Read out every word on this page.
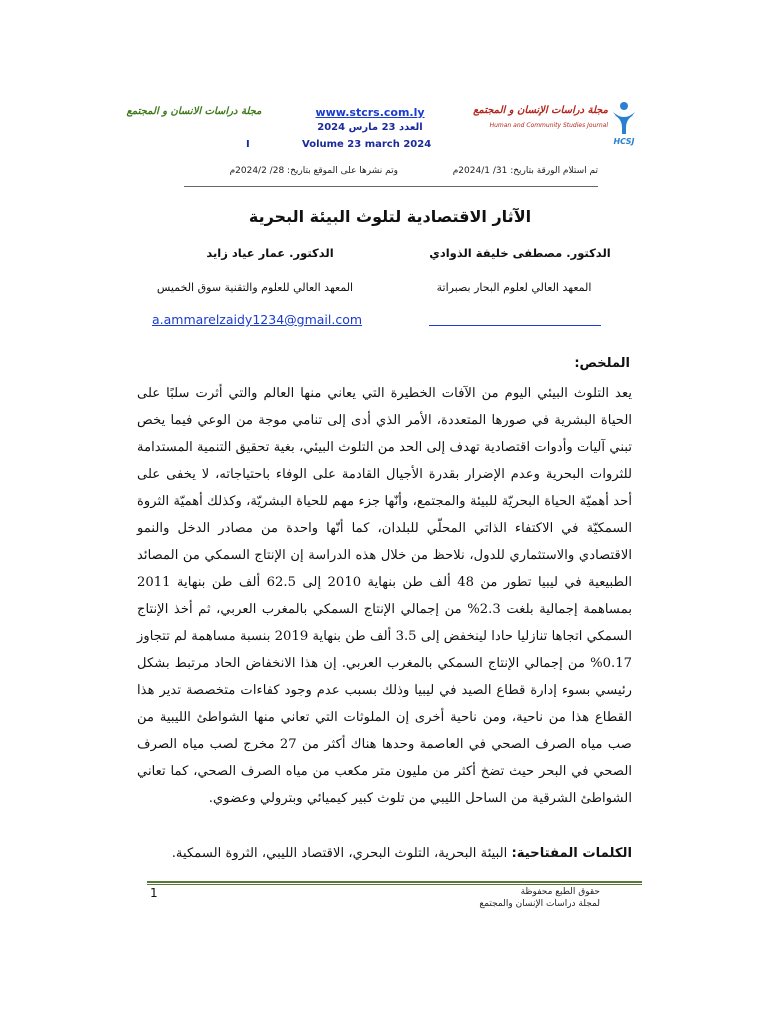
مجلة دراسات الانسان و المجتمع	www.stcrs.com.ly
العدد 23 مارس 2024
I	Volume 23 march 2024
مجلة دراسات الإنسان و المجتمع
Human and Community Studies Journal
HCSJ
تم استلام الورقة بتاريخ: 31/ 2024/1م
وتم نشرها على الموقع بتاريخ: 28/ 2024/2م
الآثار الاقتصادية لتلوث البيئة البحرية
الدكتور. مصطفى خليفة الذوادي
الدكتور. عمار عياد زايد
المعهد العالي لعلوم البحار بصبراتة
المعهد العالي للعلوم والتقنية سوق الخميس
a.ammarelzaidy1234@gmail.com
الملخص:
يعد التلوث البيئي اليوم من الآفات الخطيرة التي يعاني منها العالم والتي أثرت سلبًا على الحياة البشرية في صورها المتعددة، الأمر الذي أدى إلى تنامي موجة من الوعي فيما يخص تبني آليات وأدوات اقتصادية تهدف إلى الحد من التلوث البيئي، بغية تحقيق التنمية المستدامة للثروات البحرية وعدم الإضرار بقدرة الأجيال القادمة على الوفاء باحتياجاته، لا يخفى على أحد أهميّة الحياة البحريّة للبيئة والمجتمع، وأنّها جزء مهم للحياة البشريّة، وكذلك أهميّة الثروة السمكيّة في الاكتفاء الذاتي المحلّي للبلدان، كما أنّها واحدة من مصادر الدخل والنمو الاقتصادي والاستثماري للدول، نلاحظ من خلال هذه الدراسة إن الإنتاج السمكي من المصائد الطبيعية في ليبيا تطور من 48 ألف طن بنهاية 2010 إلى 62.5 ألف طن بنهاية 2011 بمساهمة إجمالية بلغت 2.3% من إجمالي الإنتاج السمكي بالمغرب العربي، ثم أخذ الإنتاج السمكي اتجاها تنازليا حادا لينخفض إلى 3.5 ألف طن بنهاية 2019 بنسبة مساهمة لم تتجاوز 0.17% من إجمالي الإنتاج السمكي بالمغرب العربي. إن هذا الانخفاض الحاد مرتبط بشكل رئيسي بسوء إدارة قطاع الصيد في ليبيا وذلك بسبب عدم وجود كفاءات متخصصة تدير هذا القطاع هذا من ناحية، ومن ناحية أخرى إن الملوثات التي تعاني منها الشواطئ الليبية من صب مياه الصرف الصحي في العاصمة وحدها هناك أكثر من 27 مخرج لصب مياه الصرف الصحي في البحر حيث تضخ أكثر من مليون متر مكعب من مياه الصرف الصحي، كما تعاني الشواطئ الشرقية من الساحل الليبي من تلوث كبير كيميائي وبترولي وعضوي.
الكلمات المفتاحية: البيئة البحرية، التلوث البحري، الاقتصاد الليبي، الثروة السمكية.
1	حقوق الطبع محفوظة
لمجلة دراسات الإنسان والمجتمع
